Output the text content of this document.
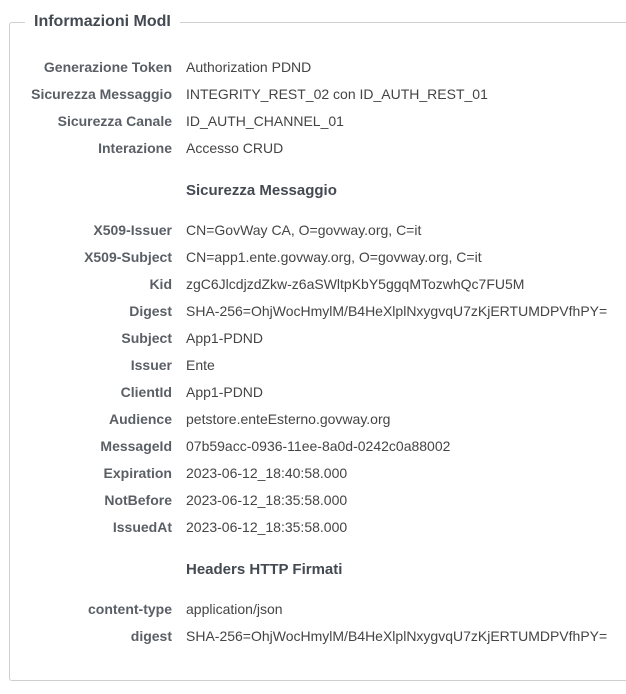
Informazioni ModI
Generazione Token Authorization PDND
Sicurezza Messaggio INTEGRITY_REST_02 con ID_AUTH_REST_01
Sicurezza Canale ID_AUTH_CHANNEL_01
Interazione Accesso CRUD
Sicurezza Messaggio
X509-Issuer CN=GovWay CA, O=govway.org, C=it
X509-Subject CN=app1.ente.govway.org, O=govway.org, C=it
Kid zgC6JlcdjzdZkw-z6aSWltpKbY5ggqMTozwhQc7FU5M
Digest SHA-256=OhjWocHmylM/B4HeXlplNxygvqU7zKjERTUMDPVfhPY=
Subject App1-PDND
Issuer Ente
ClientId App1-PDND
Audience petstore.enteEsterno.govway.org
MessageId 07b59acc-0936-11ee-8a0d-0242c0a88002
Expiration 2023-06-12_18:40:58.000
NotBefore 2023-06-12_18:35:58.000
IssuedAt 2023-06-12_18:35:58.000
Headers HTTP Firmati
content-type application/json
digest SHA-256=OhjWocHmylM/B4HeXlplNxygvqU7zKjERTUMDPVfhPY=
